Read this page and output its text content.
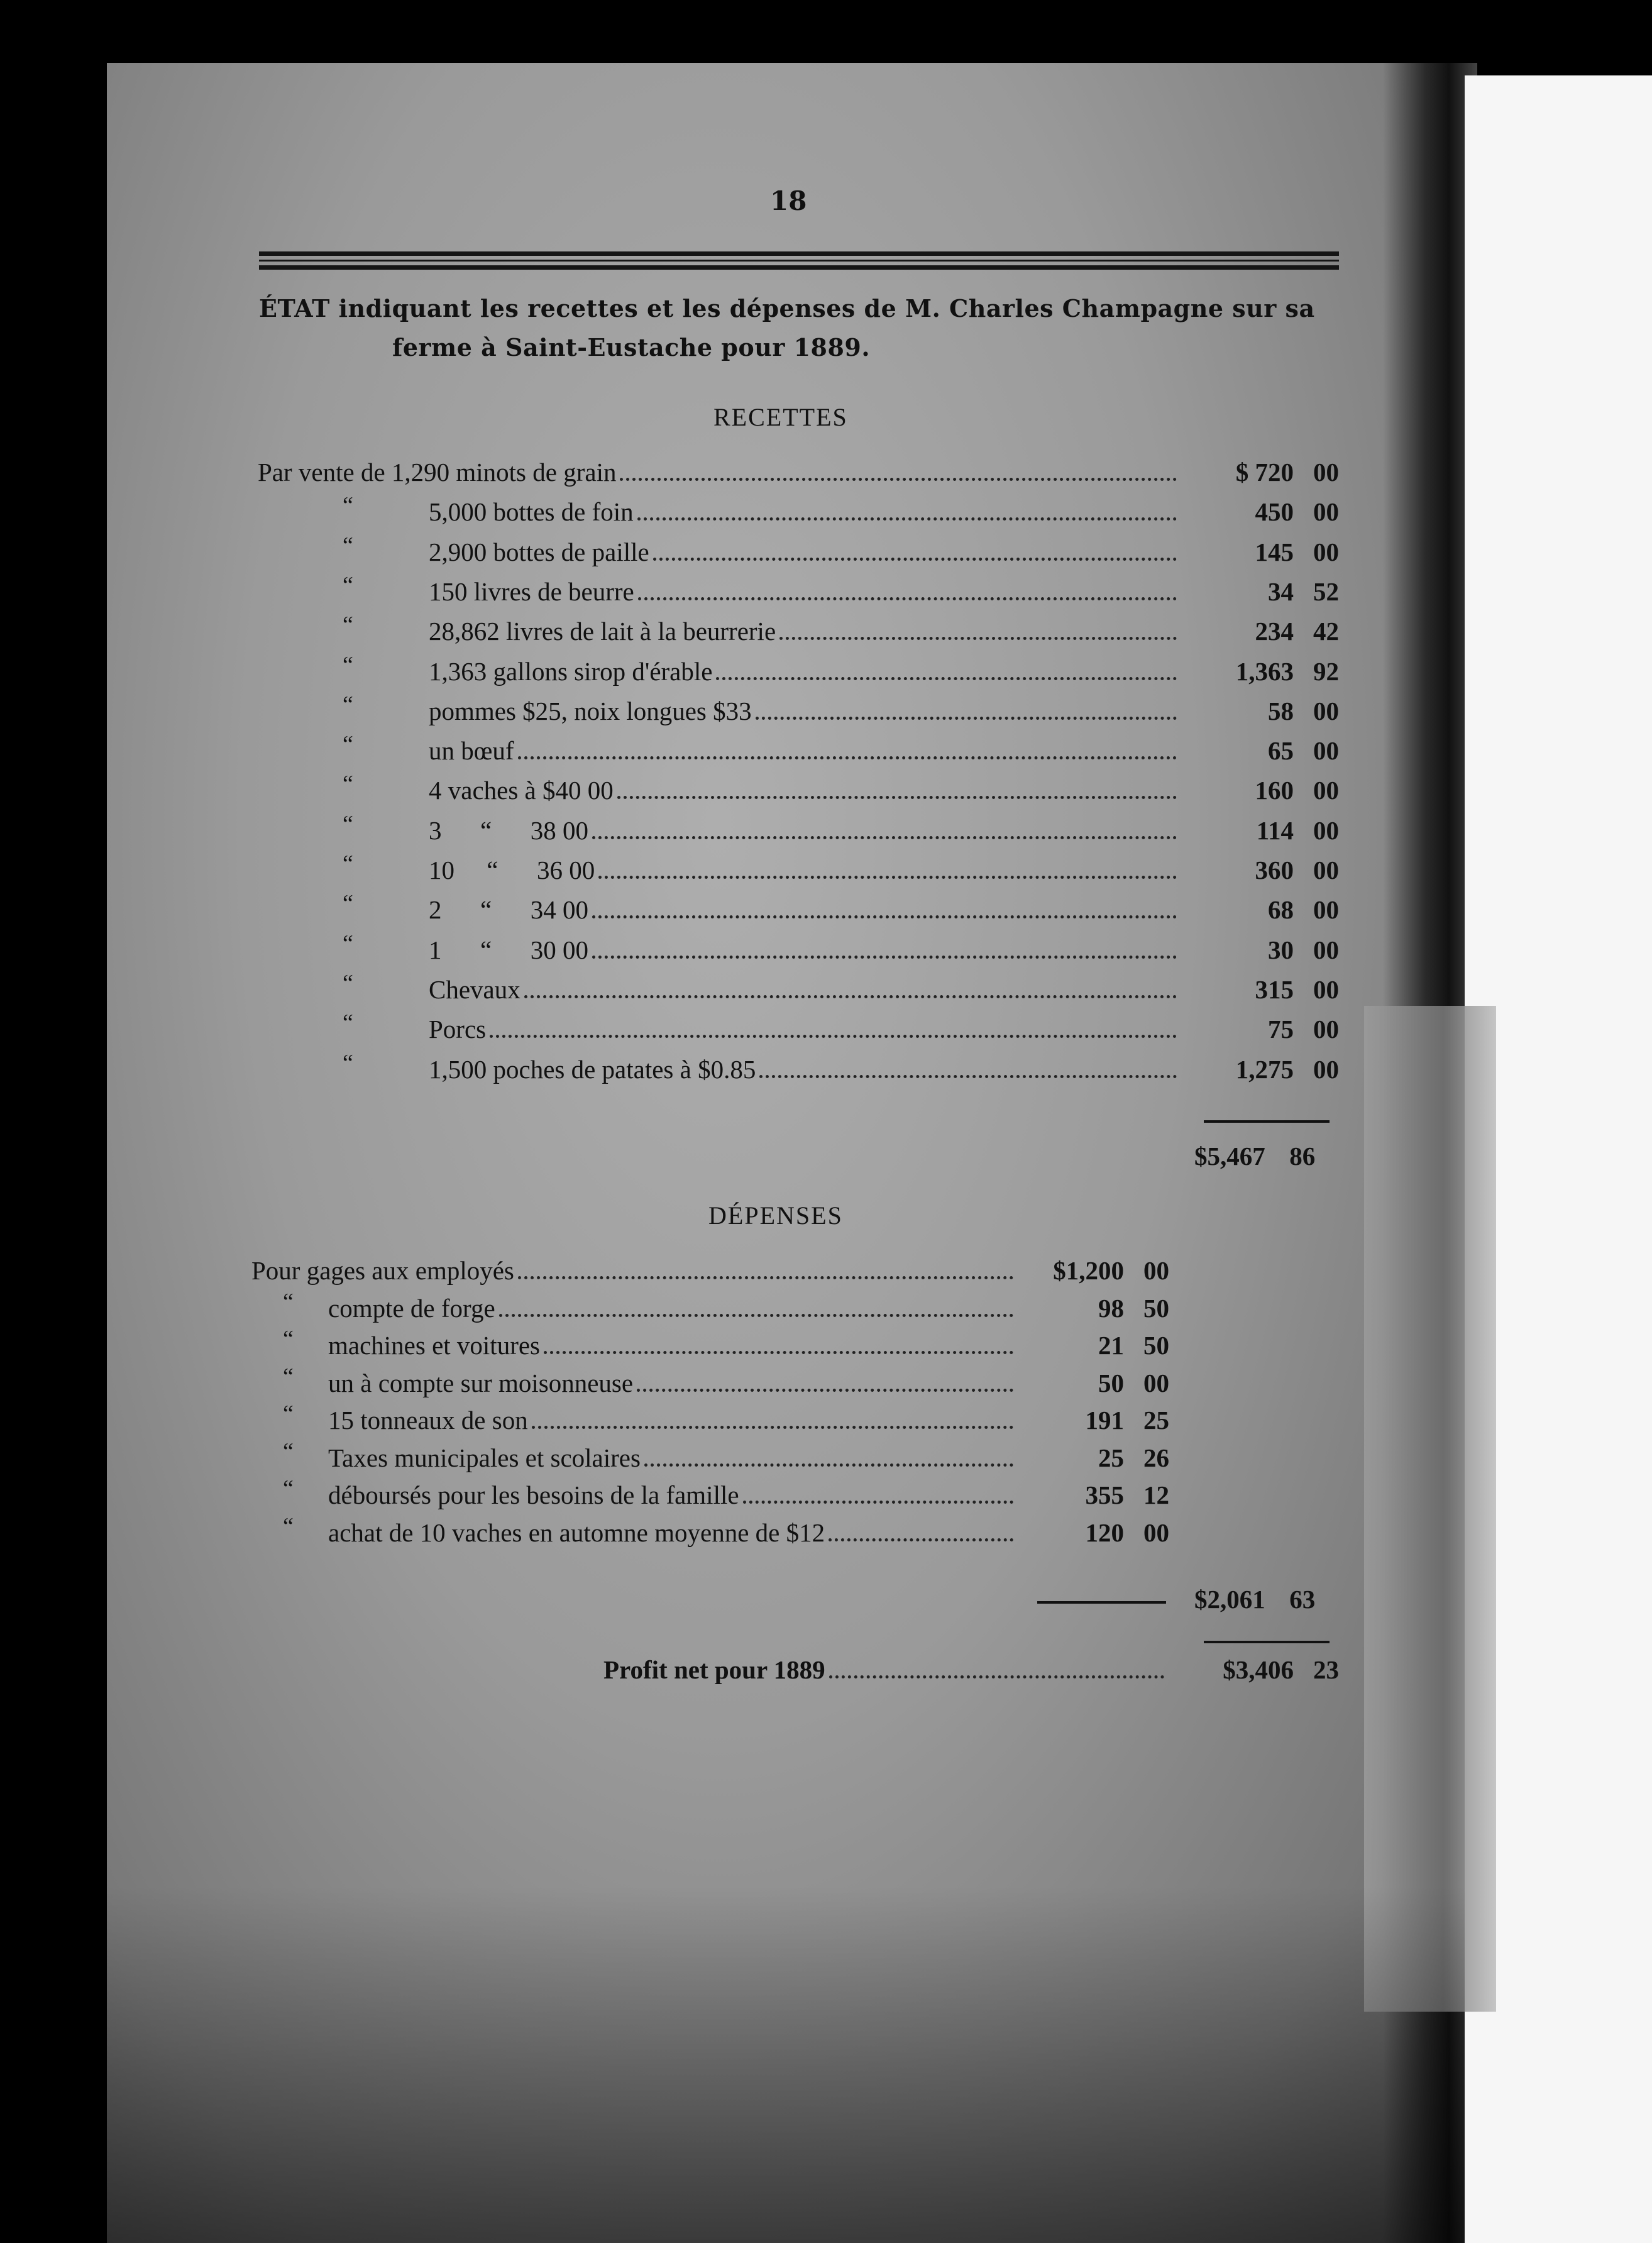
18
ÉTAT indiquant les recettes et les dépenses de M. Charles Champagne sur sa
ferme à Saint-Eustache pour 1889.
RECETTES
Par vente de 1,290 minots de grain	$ 720 00
“	5,000 bottes de foin	450 00
“	2,900 bottes de paille	145 00
“	150 livres de beurre	34 52
“	28,862 livres de lait à la beurrerie	234 42
“	1,363 gallons sirop d'érable	1,363 92
“	pommes $25, noix longues $33	58 00
“	un bœuf	65 00
“	4 vaches à $40 00	160 00
“	3      “      38 00	114 00
“	10     “      36 00	360 00
“	2      “      34 00	68 00
“	1      “      30 00	30 00
“	Chevaux	315 00
“	Porcs	75 00
“	1,500 poches de patates à $0.85	1,275 00
$5,467 86
DÉPENSES
Pour gages aux employés	$1,200 00
“ compte de forge	98 50
“ machines et voitures	21 50
“ un à compte sur moisonneuse	50 00
“ 15 tonneaux de son	191 25
“ Taxes municipales et scolaires	25 26
“ déboursés pour les besoins de la famille	355 12
“ achat de 10 vaches en automne moyenne de $12	120 00
$2,061 63
Profit net pour 1889	$3,406 23
